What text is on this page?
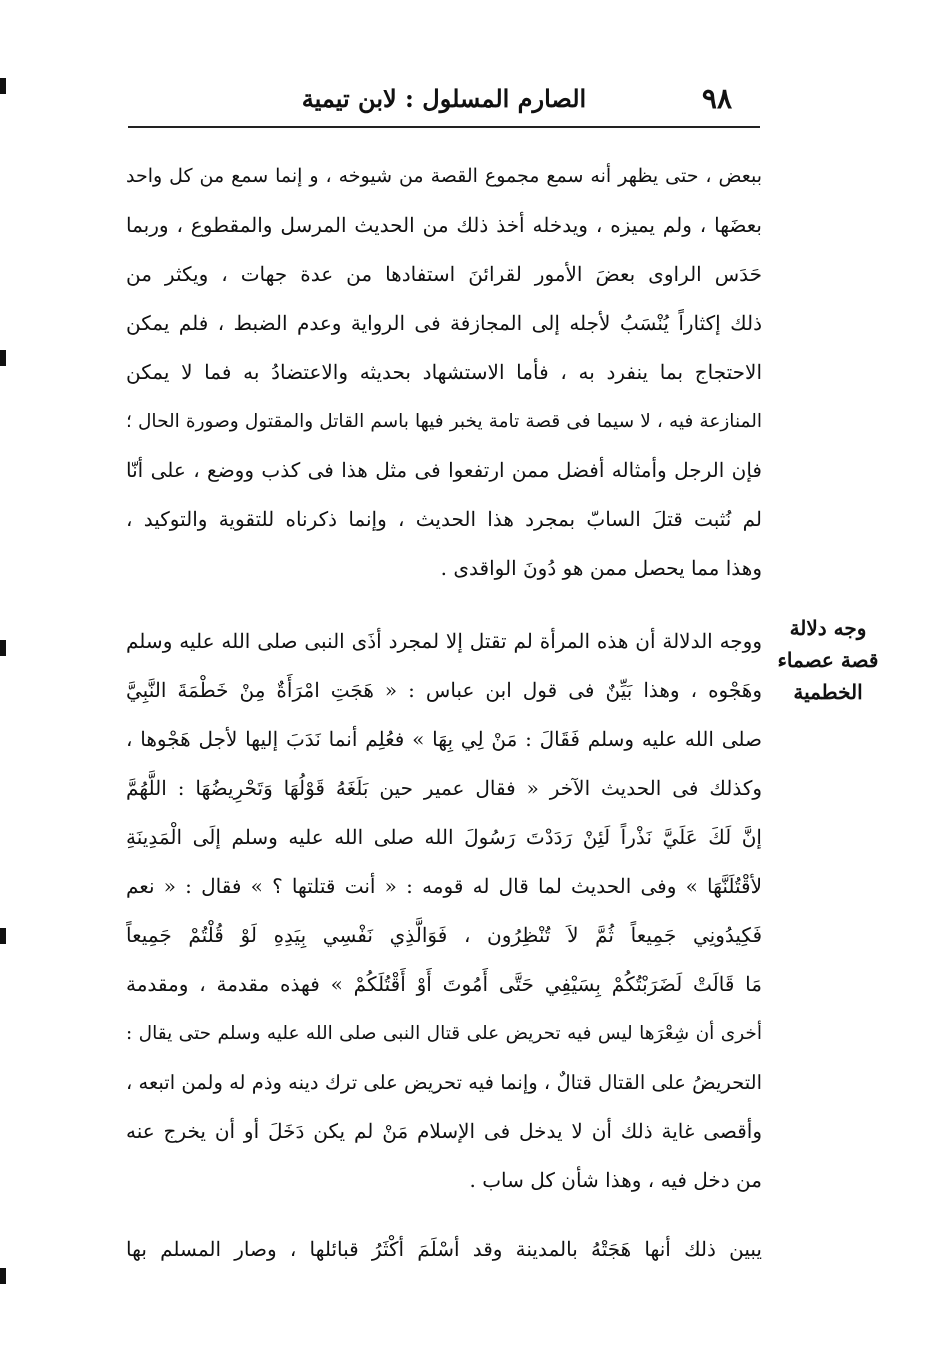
٩٨
الصارم المسلول : لابن تيمية
ببعض ، حتى يظهر أنه سمع مجموع القصة من شيوخه ، و إنما سمع من كل واحد
بعضَها ، ولم يميزه ، ويدخله أخذ ذلك من الحديث المرسل والمقطوع ، وربما
حَدَس الراوى بعضَ الأمور لقرائنَ استفادها من عدة جهات ، ويكثر من
ذلك إكثاراً يُنْسَبُ لأجله إلى المجازفة فى الرواية وعدم الضبط ، فلم يمكن
الاحتجاج بما ينفرد به ، فأما الاستشهاد بحديثه والاعتضادُ به فما لا يمكن
المنازعة فيه ، لا سيما فى قصة تامة يخبر فيها باسم القاتل والمقتول وصورة الحال ؛
فإن الرجل وأمثاله أفضل ممن ارتفعوا فى مثل هذا فى كذب ووضع ، على أنّا
لم نُثبت قتلَ السابّ بمجرد هذا الحديث ، وإنما ذكرناه للتقوية والتوكيد ،
وهذا مما يحصل ممن هو دُونَ الواقدى .
وجه دلالة
قصة عصماء
الخطمية
ووجه الدلالة أن هذه المرأة لم تقتل إلا لمجرد أذَى النبى صلى الله عليه وسلم
وهَجْوه ، وهذا بَيِّنٌ فى قول ابن عباس : « هَجَتِ امْرَأَةٌ مِنْ خَطْمَةَ النَّبِيَّ
صلى الله عليه وسلم فَقَالَ : مَنْ لِي بِهَا » فعُلِم أنما نَدَبَ إليها لأجل هَجْوها ،
وكذلك فى الحديث الآخر « فقال عمير حين بَلَغَهُ قَوْلُهَا وَتَحْرِيضُهَا : اللَّهُمَّ
إنَّ لَكَ عَلَيَّ نَذْراً لَئِنْ رَدَدْتَ رَسُولَ الله صلى الله عليه وسلم إلَى الْمَدِينَةِ
لأقْتُلَنَّهَا » وفى الحديث لما قال له قومه : « أنت قتلتها ؟ » فقال : « نعم
فَكِيدُونِي جَمِيعاً ثُمَّ لاَ تُنْظِرُون ، فَوَالَّذِي نَفْسِي بِيَدِهِ لَوْ قُلْتُمْ جَمِيعاً
مَا قَالَتْ لَضَرَبْتُكُمْ بِسَيْفِي حَتَّى أَمُوتَ أَوْ أَقْتُلَكُمْ » فهذه مقدمة ، ومقدمة
أخرى أن شِعْرَها ليس فيه تحريض على قتال النبى صلى الله عليه وسلم حتى يقال :
التحريضُ على القتال قتالٌ ، وإنما فيه تحريض على ترك دينه وذم له ولمن اتبعه ،
وأقصى غاية ذلك أن لا يدخل فى الإسلام مَنْ لم يكن دَخَلَ أو أن يخرج عنه
من دخل فيه ، وهذا شأن كل ساب .
يبين ذلك أنها هَجَتْهُ بالمدينة وقد أسْلَمَ أكْثَرُ قبائلها ، وصار المسلم بها
